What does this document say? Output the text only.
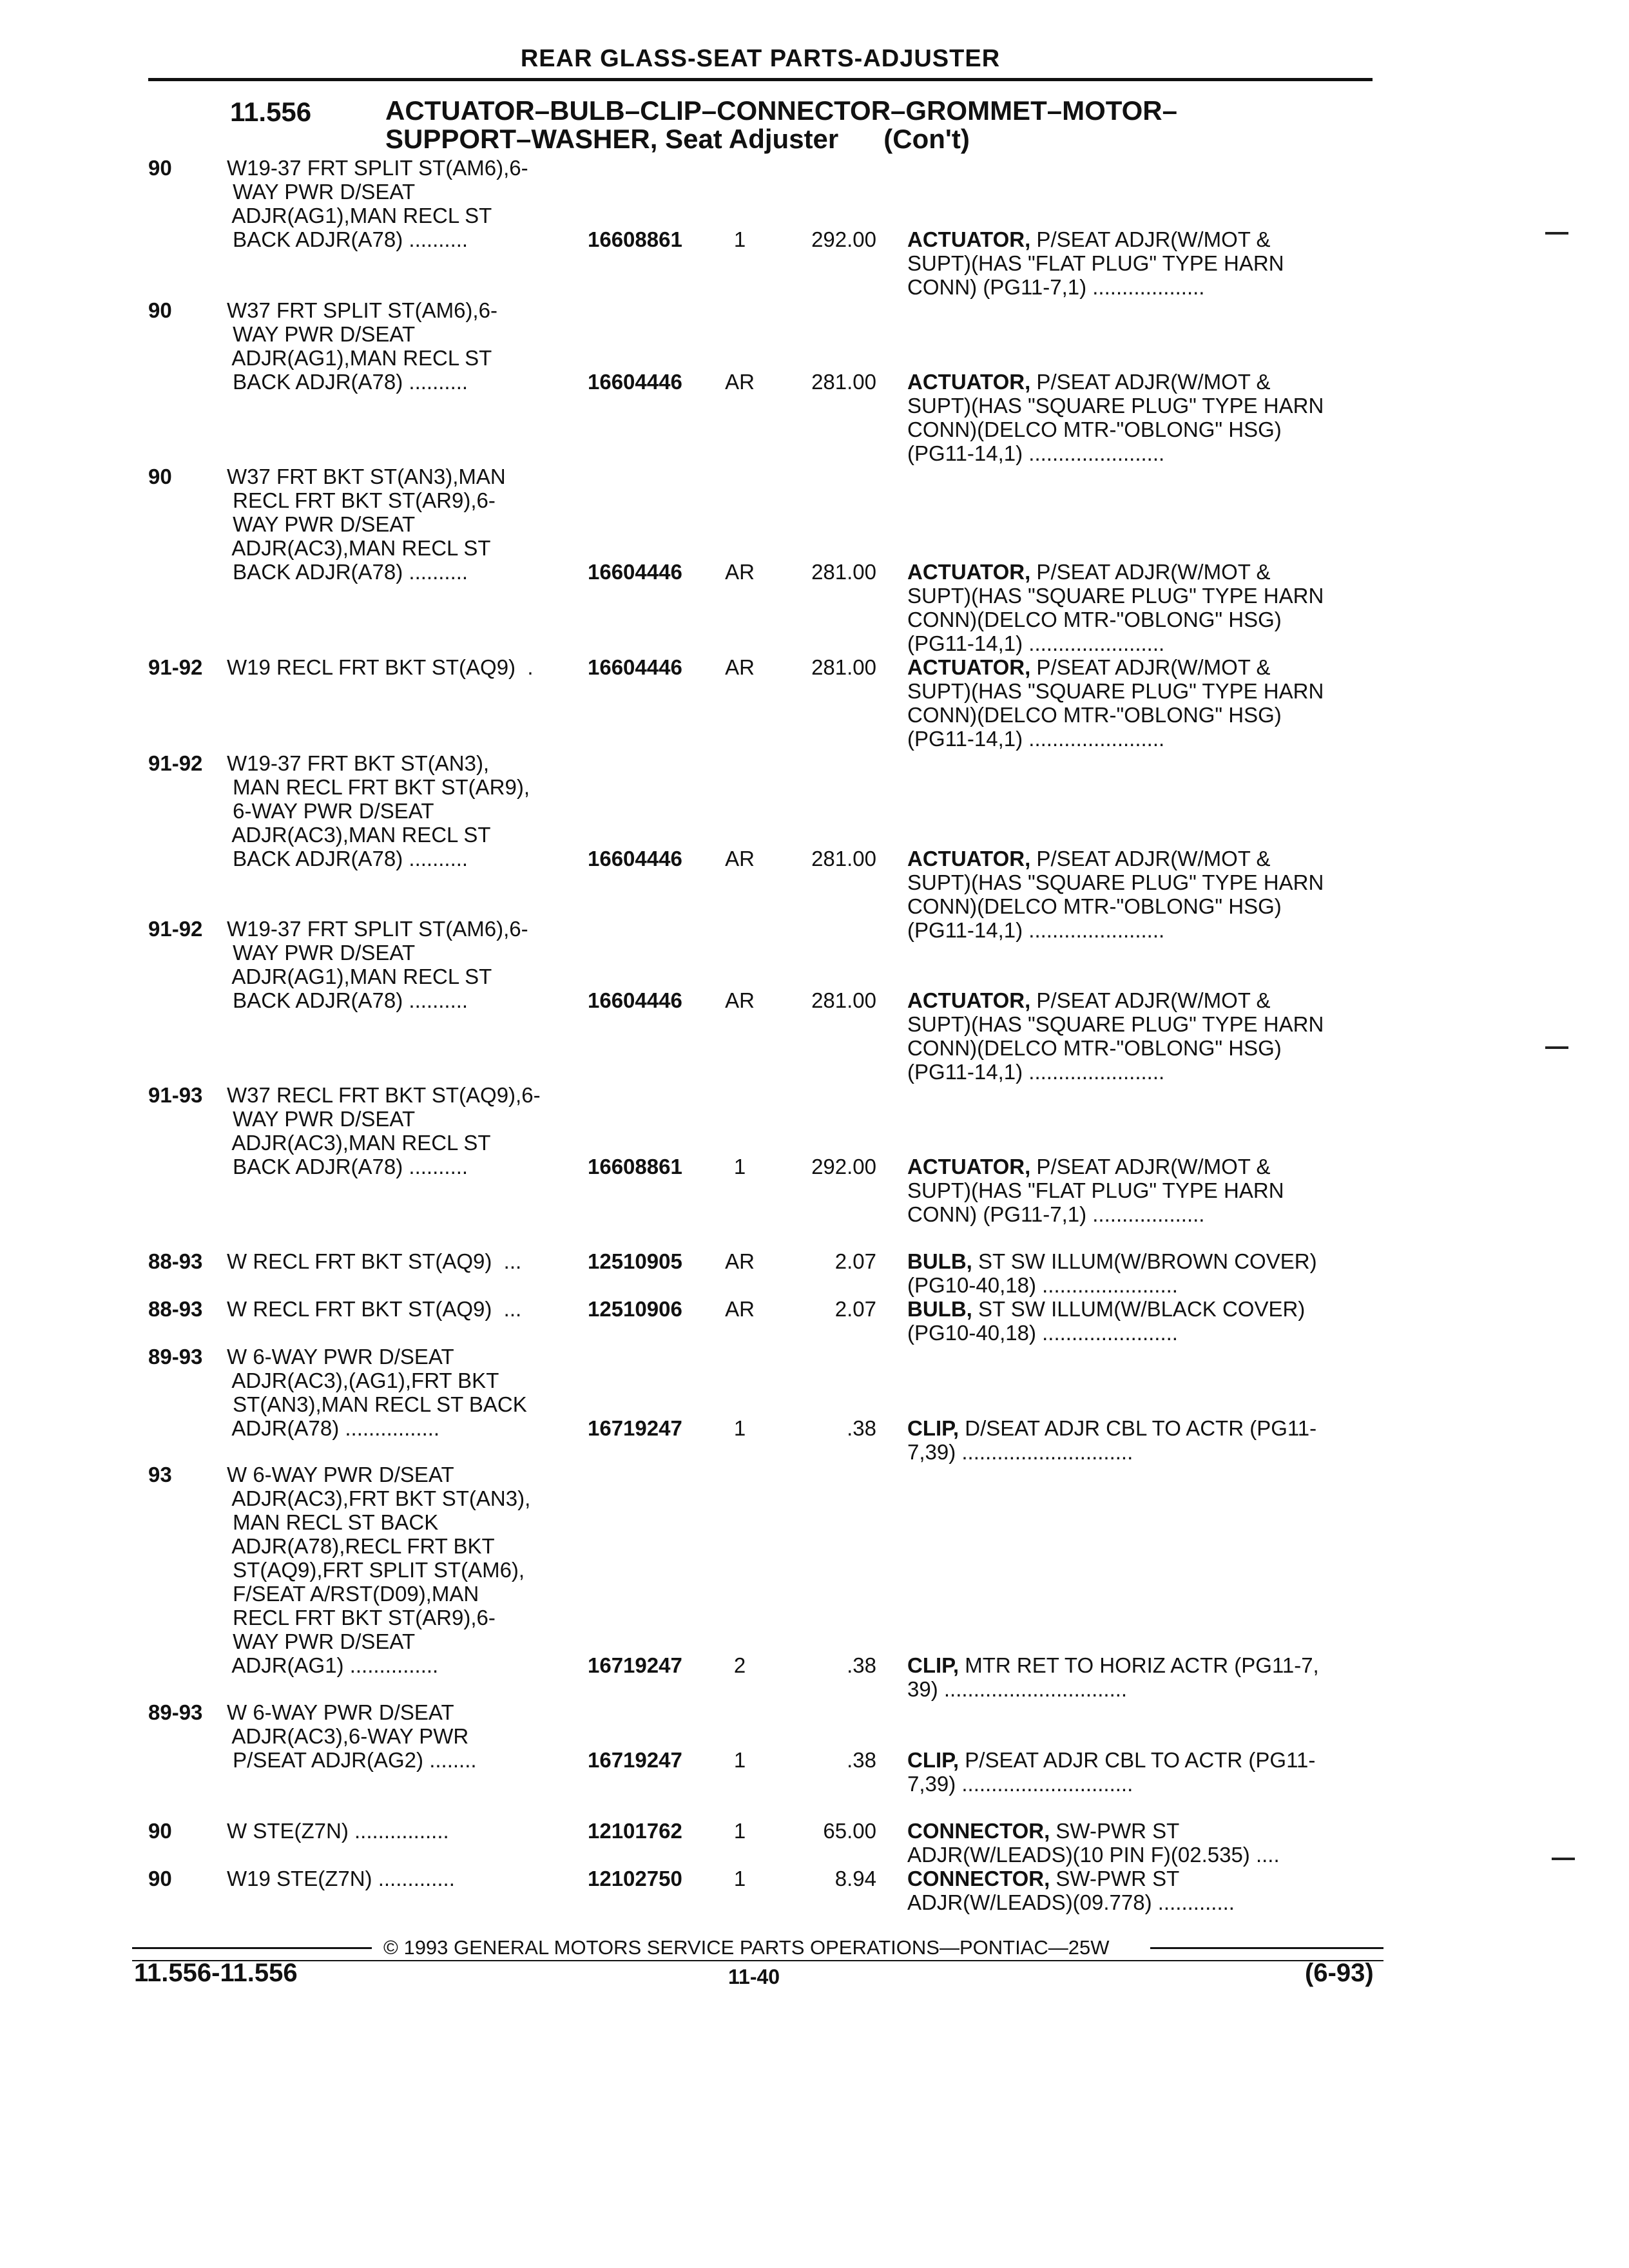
REAR GLASS-SEAT PARTS-ADJUSTER
11.556	ACTUATOR–BULB–CLIP–CONNECTOR–GROMMET–MOTOR–
SUPPORT–WASHER, Seat Adjuster (Con't)
90	W19-37 FRT SPLIT ST(AM6),6-
WAY PWR D/SEAT
ADJR(AG1),MAN RECL ST
BACK ADJR(A78) ..........	16608861	1	292.00 ACTUATOR, P/SEAT ADJR(W/MOT &
SUPT)(HAS "FLAT PLUG" TYPE HARN
CONN) (PG11-7,1) ...................
90	W37 FRT SPLIT ST(AM6),6-
WAY PWR D/SEAT
ADJR(AG1),MAN RECL ST
BACK ADJR(A78) ..........	16604446	AR	281.00 ACTUATOR, P/SEAT ADJR(W/MOT &
SUPT)(HAS "SQUARE PLUG" TYPE HARN
CONN)(DELCO MTR-"OBLONG" HSG)
(PG11-14,1) .......................
90	W37 FRT BKT ST(AN3),MAN
RECL FRT BKT ST(AR9),6-
WAY PWR D/SEAT
ADJR(AC3),MAN RECL ST
BACK ADJR(A78) ..........	16604446	AR	281.00 ACTUATOR, P/SEAT ADJR(W/MOT &
SUPT)(HAS "SQUARE PLUG" TYPE HARN
CONN)(DELCO MTR-"OBLONG" HSG)
(PG11-14,1) .......................
91-92 W19 RECL FRT BKT ST(AQ9)  .	16604446	AR	281.00 ACTUATOR, P/SEAT ADJR(W/MOT &
SUPT)(HAS "SQUARE PLUG" TYPE HARN
CONN)(DELCO MTR-"OBLONG" HSG)
(PG11-14,1) .......................
91-92 W19-37 FRT BKT ST(AN3),
MAN RECL FRT BKT ST(AR9),
6-WAY PWR D/SEAT
ADJR(AC3),MAN RECL ST
BACK ADJR(A78) ..........	16604446	AR	281.00 ACTUATOR, P/SEAT ADJR(W/MOT &
SUPT)(HAS "SQUARE PLUG" TYPE HARN
CONN)(DELCO MTR-"OBLONG" HSG)
(PG11-14,1) .......................
91-92 W19-37 FRT SPLIT ST(AM6),6-
WAY PWR D/SEAT
ADJR(AG1),MAN RECL ST
BACK ADJR(A78) ..........	16604446	AR	281.00 ACTUATOR, P/SEAT ADJR(W/MOT &
SUPT)(HAS "SQUARE PLUG" TYPE HARN
CONN)(DELCO MTR-"OBLONG" HSG)
(PG11-14,1) .......................
91-93 W37 RECL FRT BKT ST(AQ9),6-
WAY PWR D/SEAT
ADJR(AC3),MAN RECL ST
BACK ADJR(A78) ..........	16608861	1	292.00 ACTUATOR, P/SEAT ADJR(W/MOT &
SUPT)(HAS "FLAT PLUG" TYPE HARN
CONN) (PG11-7,1) ...................
88-93 W RECL FRT BKT ST(AQ9)  ...	12510905	AR	2.07 BULB, ST SW ILLUM(W/BROWN COVER)
(PG10-40,18) .......................
88-93 W RECL FRT BKT ST(AQ9)  ...	12510906	AR	2.07 BULB, ST SW ILLUM(W/BLACK COVER)
(PG10-40,18) .......................
89-93 W 6-WAY PWR D/SEAT
ADJR(AC3),(AG1),FRT BKT
ST(AN3),MAN RECL ST BACK
ADJR(A78) ................	16719247	1	.38 CLIP, D/SEAT ADJR CBL TO ACTR (PG11-
7,39) .............................
93	W 6-WAY PWR D/SEAT
ADJR(AC3),FRT BKT ST(AN3),
MAN RECL ST BACK
ADJR(A78),RECL FRT BKT
ST(AQ9),FRT SPLIT ST(AM6),
F/SEAT A/RST(D09),MAN
RECL FRT BKT ST(AR9),6-
WAY PWR D/SEAT
ADJR(AG1) ...............	16719247	2	.38 CLIP, MTR RET TO HORIZ ACTR (PG11-7,
39) ...............................
89-93 W 6-WAY PWR D/SEAT
ADJR(AC3),6-WAY PWR
P/SEAT ADJR(AG2) ........	16719247	1	.38 CLIP, P/SEAT ADJR CBL TO ACTR (PG11-
7,39) .............................
90	W STE(Z7N) ................	12101762	1	65.00 CONNECTOR, SW-PWR ST
ADJR(W/LEADS)(10 PIN F)(02.535) ....
90	W19 STE(Z7N) .............	12102750	1	8.94 CONNECTOR, SW-PWR ST
ADJR(W/LEADS)(09.778) .............
© 1993 GENERAL MOTORS SERVICE PARTS OPERATIONS—PONTIAC—25W
11.556-11.556	11-40	(6-93)
